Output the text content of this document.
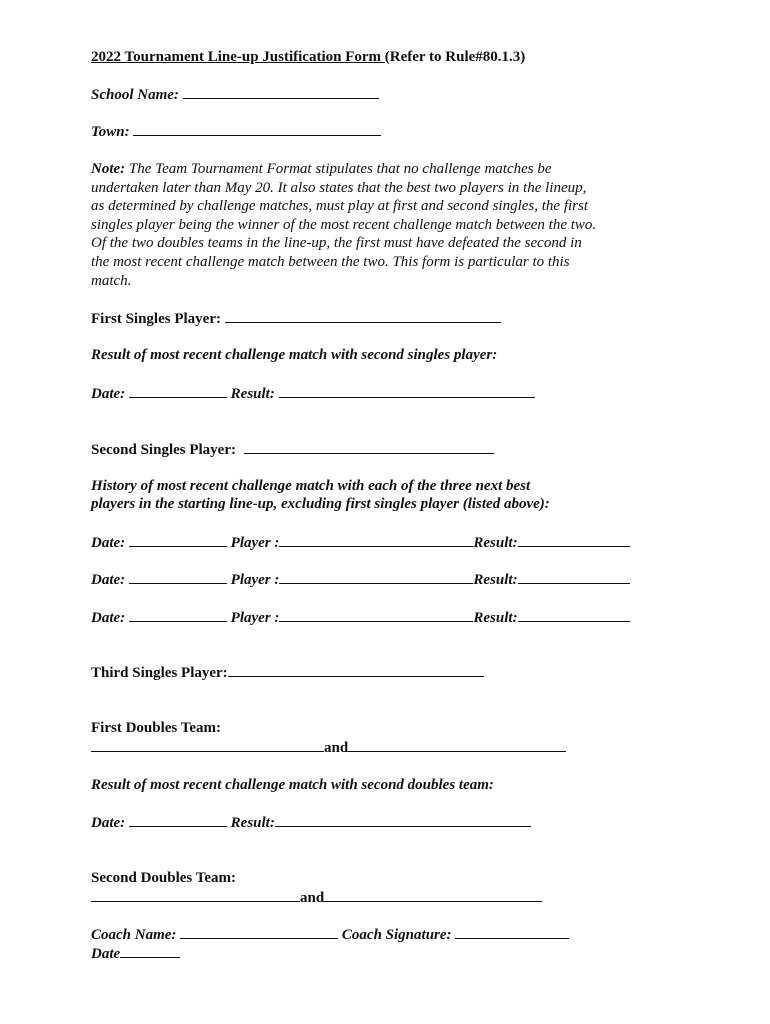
2022 Tournament Line-up Justification Form (Refer to Rule#80.1.3)
School Name:
Town:

Note: The Team Tournament Format stipulates that no challenge matches be

undertaken later than May 20. It also states that the best two players in the lineup,

as determined by challenge matches, must play at first and second singles, the first

singles player being the winner of the most recent challenge match between the two.

Of the two doubles teams in the line-up, the first must have defeated the second in

the most recent challenge match between the two. This form is particular to this

match.

First Singles Player:
Result of most recent challenge match with second singles player:
Date:	Result:
Second Singles Player:
History of most recent challenge match with each of the three next best
players in the starting line-up, excluding first singles player (listed above):
Date:	Player :	Result:
Date:	Player :	Result:
Date:	Player :	Result:
Third Singles Player:
First Doubles Team:
and
Result of most recent challenge match with second doubles team:
Date:	Result:
Second Doubles Team:
and
Coach Name:	Coach Signature:
Date
